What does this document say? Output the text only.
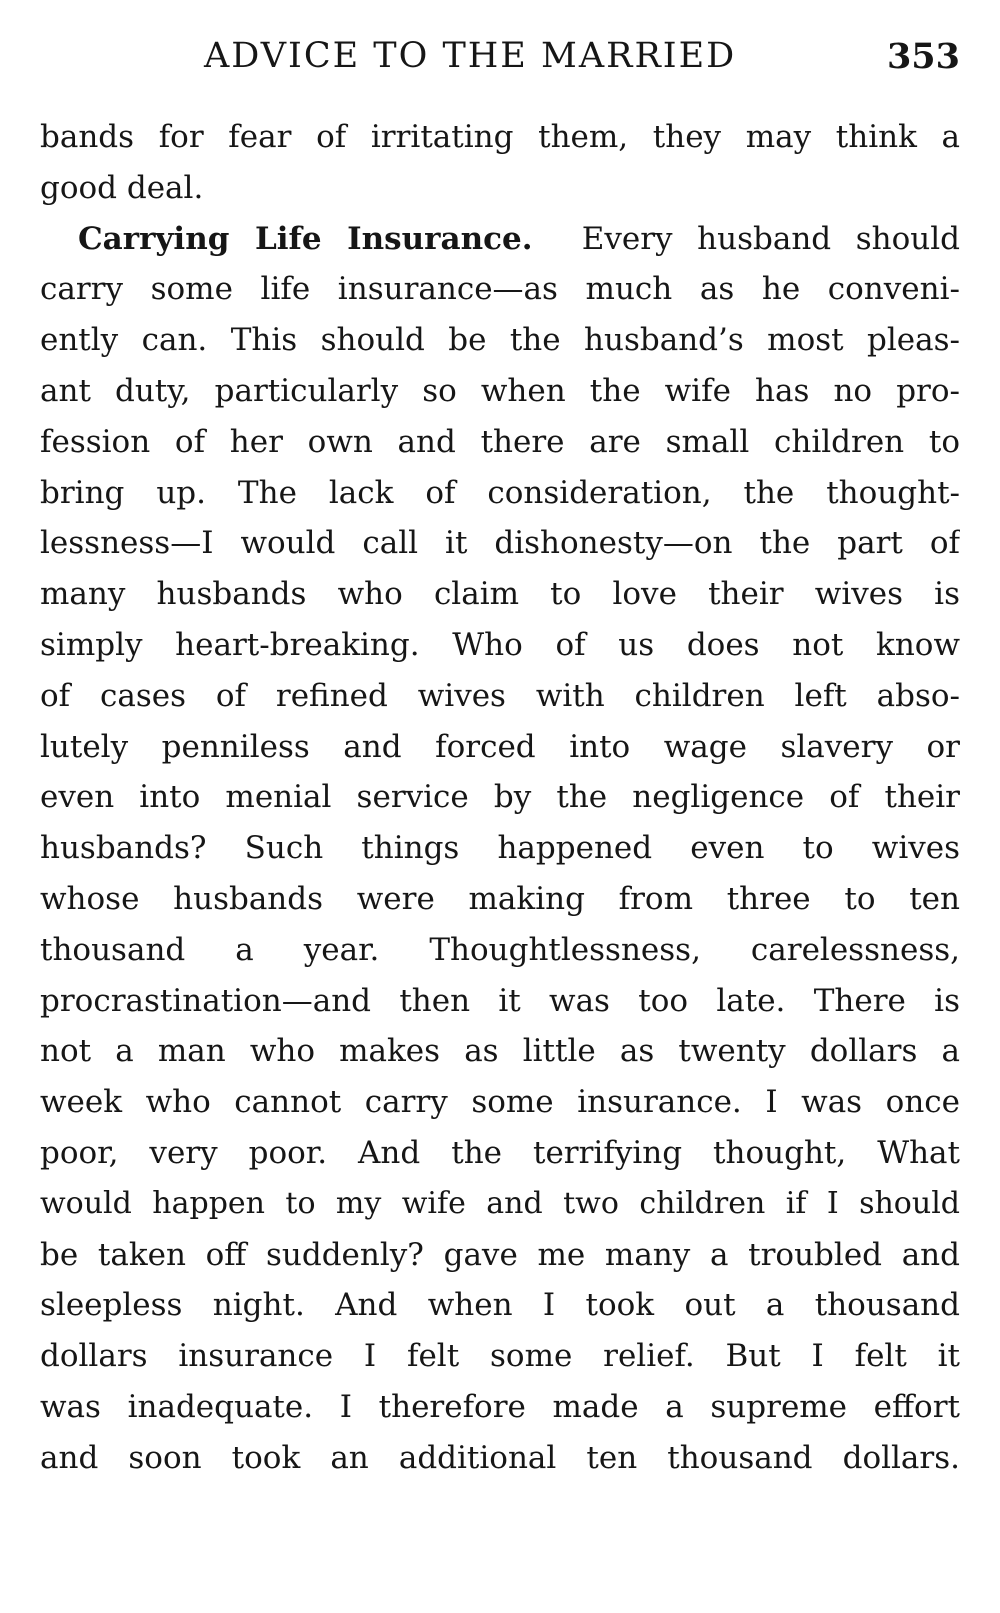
ADVICE TO THE MARRIED	353
bands for fear of irritating them, they may think a
good deal.
Carrying Life Insurance. Every husband should
carry some life insurance—as much as he conveni-
ently can. This should be the husband’s most pleas-
ant duty, particularly so when the wife has no pro-
fession of her own and there are small children to
bring up. The lack of consideration, the thought-
lessness—I would call it dishonesty—on the part of
many husbands who claim to love their wives is
simply heart-breaking. Who of us does not know
of cases of refined wives with children left abso-
lutely penniless and forced into wage slavery or
even into menial service by the negligence of their
husbands? Such things happened even to wives
whose husbands were making from three to ten
thousand a year. Thoughtlessness, carelessness,
procrastination—and then it was too late. There is
not a man who makes as little as twenty dollars a
week who cannot carry some insurance. I was once
poor, very poor. And the terrifying thought, What
would happen to my wife and two children if I should
be taken off suddenly? gave me many a troubled and
sleepless night. And when I took out a thousand
dollars insurance I felt some relief. But I felt it
was inadequate. I therefore made a supreme effort
and soon took an additional ten thousand dollars.
